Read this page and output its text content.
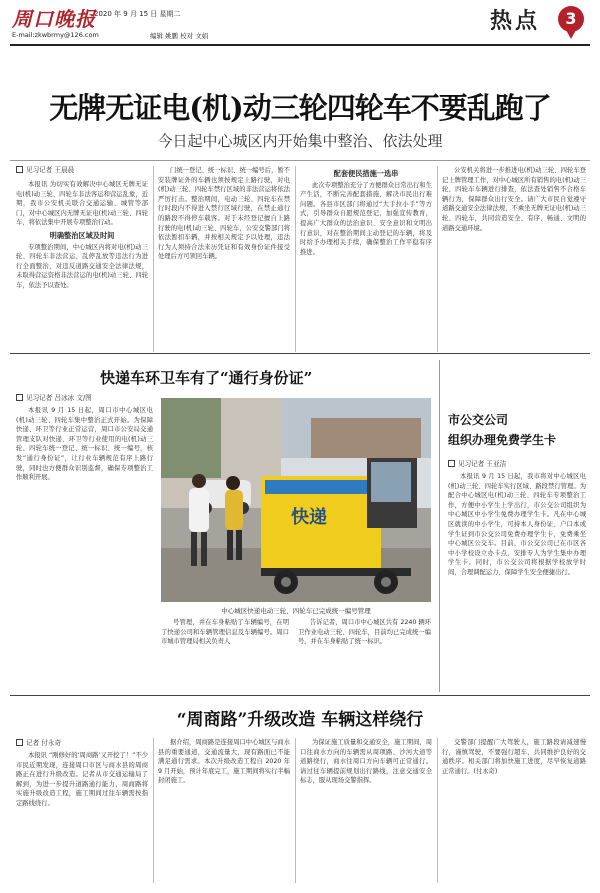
周口晚报
2020 年 9 月 15 日 星期二
E-mail:zkwbrmy@126.com	编辑 姚鹏 校对 文娟
热点	3
无牌无证电(机)动三轮四轮车不要乱跑了
今日起中心城区内开始集中整治、依法处理
见习记者 王晨晨

本报讯 为切实有效解决中心城区无牌无证电(机)动三轮、四轮车非法客运和营运乱象，近期，我市公安机关联合交通运输、城管等部门，对中心城区内无牌无证电(机)动三轮、四轮车，将依法集中开展专项整治行动。

明确整治区域及时间

专项整治期间，中心城区内将对电(机)动三轮、四轮车非法营运、乱停乱放等违法行为进行全面整治，对违反道路交通安全法律法规，未取得营运资格非法营运的电(机)动三轮、四轮车，依法予以查处。

门统一登记、统一标识、统一编号后，暂不安装牌证外的车辆也须按规定上路行驶，对电(机)动三轮、四轮车禁行区域的非法营运将依法严厉打击。整治期间，电动三轮、四轮车在禁行时段内不得进入禁行区域行驶，在禁止通行的路段不得停车载客。对于未经登记擅自上路行驶的电(机)动三轮、四轮车，公安交警部门将依法暂扣车辆，并按相关规定予以处理，违法行为人须持合法来历凭证和有效身份证件接受处理后方可领回车辆。

配套便民措施一选串

此次专项整治充分了方便群众日常出行和生产生活，不断完善配套措施，解决市民出行难问题。各县市区部门将通过“大手拉小手”等方式，引导群众自愿规范登记，加强宣传教育，提高广大群众的法治意识、安全意识和文明出行意识，对在整治期间主动登记的车辆，将及时给予办理相关手续，确保整治工作平稳有序推进。

公安机关将进一步推进电(机)动三轮、四轮车登记上牌管理工作，对中心城区所有销售的电(机)动三轮、四轮车车辆进行排查，依法查处销售不合格车辆行为，保障群众出行安全。请广大市民自觉遵守道路交通安全法律法规，不乘坐无牌无证电(机)动三轮、四轮车，共同营造安全、有序、畅通、文明的道路交通环境。

快递车环卫车有了“通行身份证”
见习记者 吕冰冰 文/图

本报讯 9 月 15 日起，周口市中心城区电(机)动三轮、四轮车集中整治正式开始。为保障快递、环卫等行业正常运营，周口市公安局交通管理支队对快递、环卫等行业使用的电(机)动三轮、四轮车统一登记、统一标识、统一编号，核发“通行身份证”，让行业车辆规范有序上路行驶，同时也方便群众识别监督，确保专项整治工作顺利开展。

快递
中心城区快递电动三轮、四轮车已完成统一编号管理

号管理，并在车身粘贴了车辆编号，在明了快递公司和车辆管理信息及车辆编号。周口市城市管理局相关负责人

告诉记者，周口市中心城区共有 2240 辆环卫作业电动三轮、四轮车，目前均已完成统一编号，并在车身粘贴了统一标识。

市公交公司
组织办理免费学生卡
见习记者 王亚洁

本报讯 9 月 15 日起，我市将对中心城区电(机)动三轮、四轮车实行区域、路段禁行管理。为配合中心城区电(机)动三轮、四轮车专项整治工作，方便中小学生上学出行，市公交公司组织为中心城区中小学生免费办理学生卡。凡在中心城区就读的中小学生，可持本人身份证、户口本或学生证到市公交公司免费办理学生卡，免费乘坐中心城区公交车。目前，市公交公司已在市区各中小学校设立办卡点，安排专人为学生集中办理学生卡。同时，市公交公司将根据学校放学时间，合理调配运力，保障学生安全便捷出行。

“周商路”升级改造 车辆这样绕行
记者 付永奇

本报讯 “刚修好的‘周商路’又开挖了！”不少市民近期发现，连接周口市区与商水县的周商路正在进行升级改造。记者从市交通运输局了解到，为进一步提升道路通行能力，周商路将实施升级改造工程，施工期间过往车辆需按指定路线绕行。

据介绍，周商路是连接周口中心城区与商水县的重要通道，交通流量大，现有路面已不能满足通行需求。本次升级改造工程自 2020 年 9 月开始，预计年底完工，施工期间将实行半幅封闭施工。

为保证施工质量和交通安全，施工期间，周口往商水方向的车辆需从周项路、沙河大道等道路绕行，商水往周口方向车辆可正常通行。请过往车辆提前规划出行路线，注意交通安全标志，服从现场交警指挥。

交警部门提醒广大驾驶人，施工路段请减速慢行，谨慎驾驶，不要强行超车，共同维护良好的交通秩序。相关部门将加快施工进度，尽早恢复道路正常通行。(付永奇)
